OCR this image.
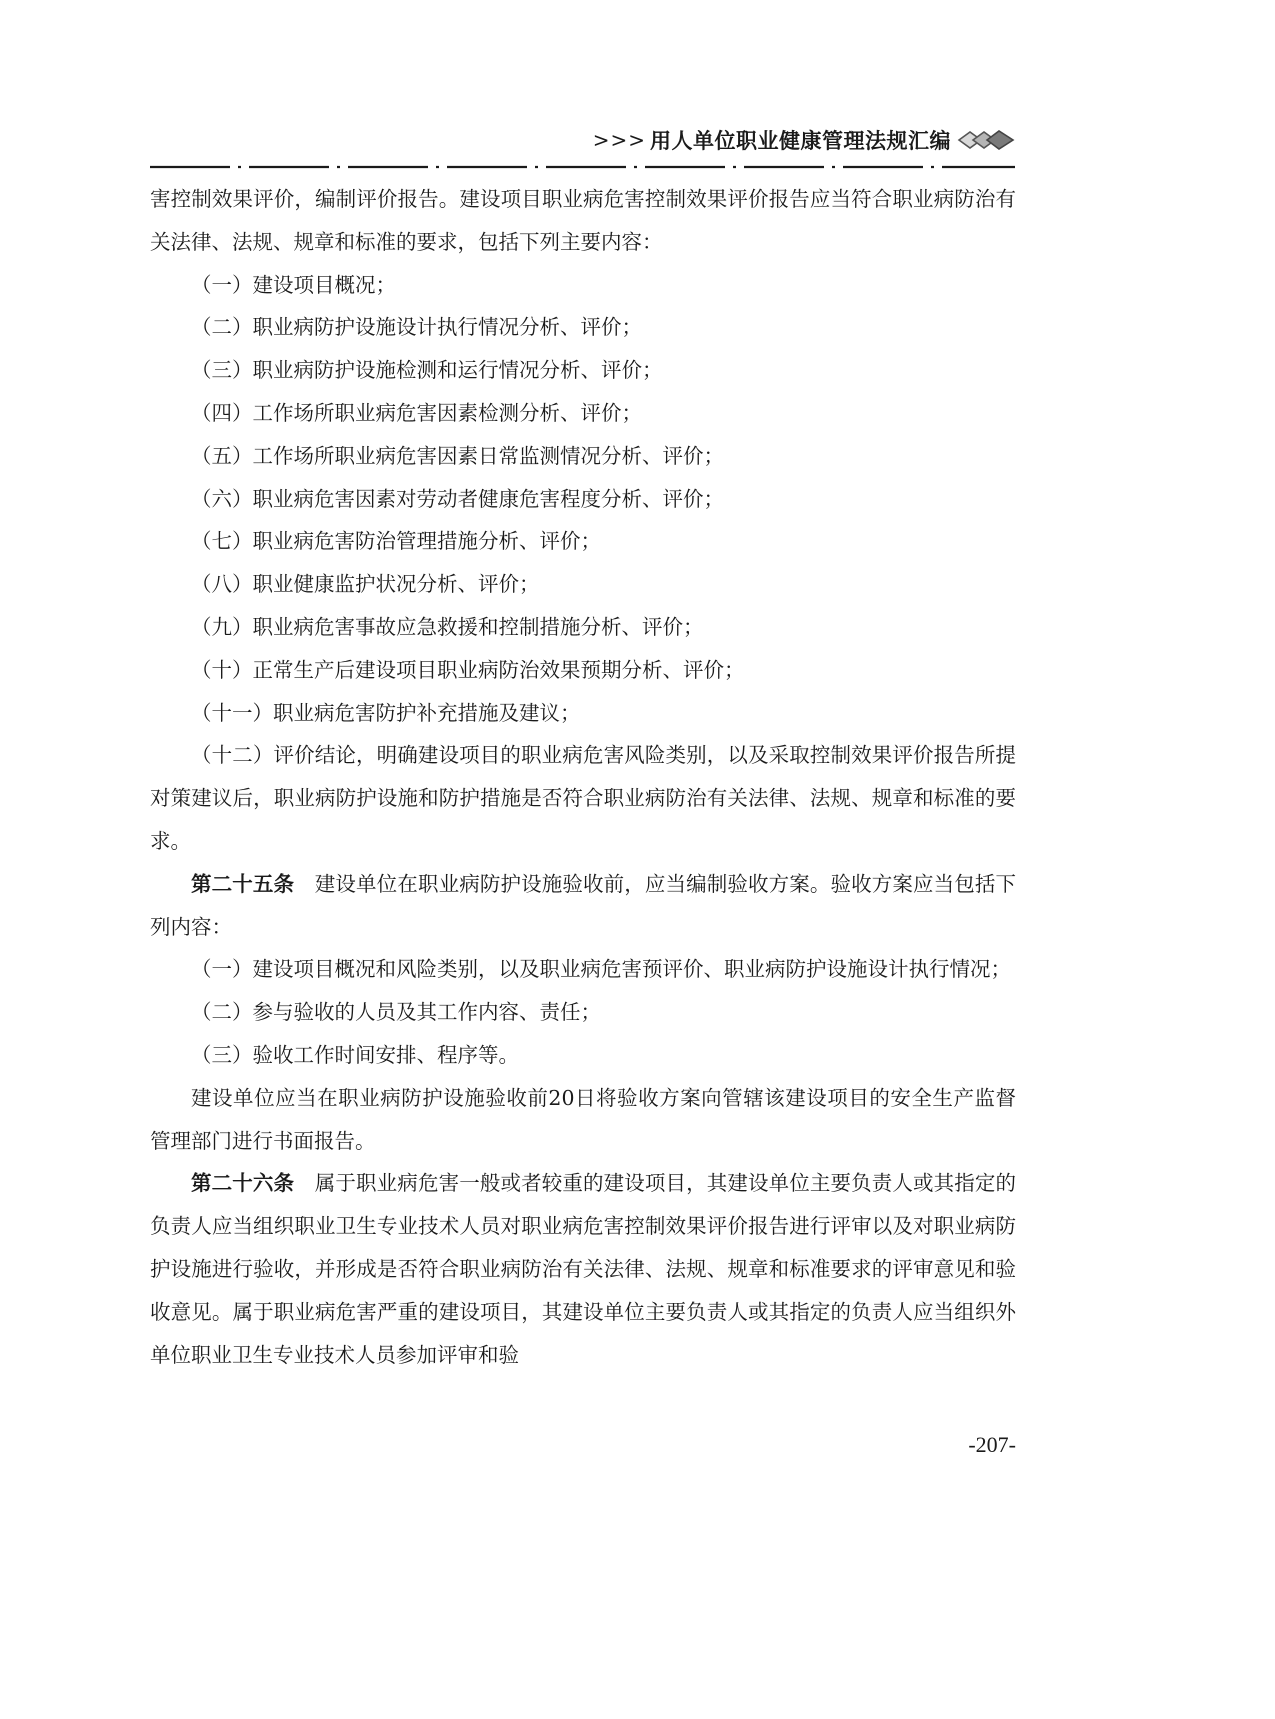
>>> 用人单位职业健康管理法规汇编

害控制效果评价，编制评价报告。建设项目职业病危害控制效果评价报告应当符合职业病防治有关法律、法规、规章和标准的要求，包括下列主要内容：

（一）建设项目概况；

（二）职业病防护设施设计执行情况分析、评价；

（三）职业病防护设施检测和运行情况分析、评价；

（四）工作场所职业病危害因素检测分析、评价；

（五）工作场所职业病危害因素日常监测情况分析、评价；

（六）职业病危害因素对劳动者健康危害程度分析、评价；

（七）职业病危害防治管理措施分析、评价；

（八）职业健康监护状况分析、评价；

（九）职业病危害事故应急救援和控制措施分析、评价；

（十）正常生产后建设项目职业病防治效果预期分析、评价；

（十一）职业病危害防护补充措施及建议；

（十二）评价结论，明确建设项目的职业病危害风险类别，以及采取控制效果评价报告所提对策建议后，职业病防护设施和防护措施是否符合职业病防治有关法律、法规、规章和标准的要求。

第二十五条　 建设单位在职业病防护设施验收前，应当编制验收方案。验收方案应当包括下列内容：

（一）建设项目概况和风险类别，以及职业病危害预评价、职业病防护设施设计执行情况；

（二）参与验收的人员及其工作内容、责任；

（三）验收工作时间安排、程序等。

建设单位应当在职业病防护设施验收前20日将验收方案向管辖该建设项目的安全生产监督管理部门进行书面报告。

第二十六条　 属于职业病危害一般或者较重的建设项目，其建设单位主要负责人或其指定的负责人应当组织职业卫生专业技术人员对职业病危害控制效果评价报告进行评审以及对职业病防护设施进行验收，并形成是否符合职业病防治有关法律、法规、规章和标准要求的评审意见和验收意见。属于职业病危害严重的建设项目，其建设单位主要负责人或其指定的负责人应当组织外单位职业卫生专业技术人员参加评审和验

-207-
